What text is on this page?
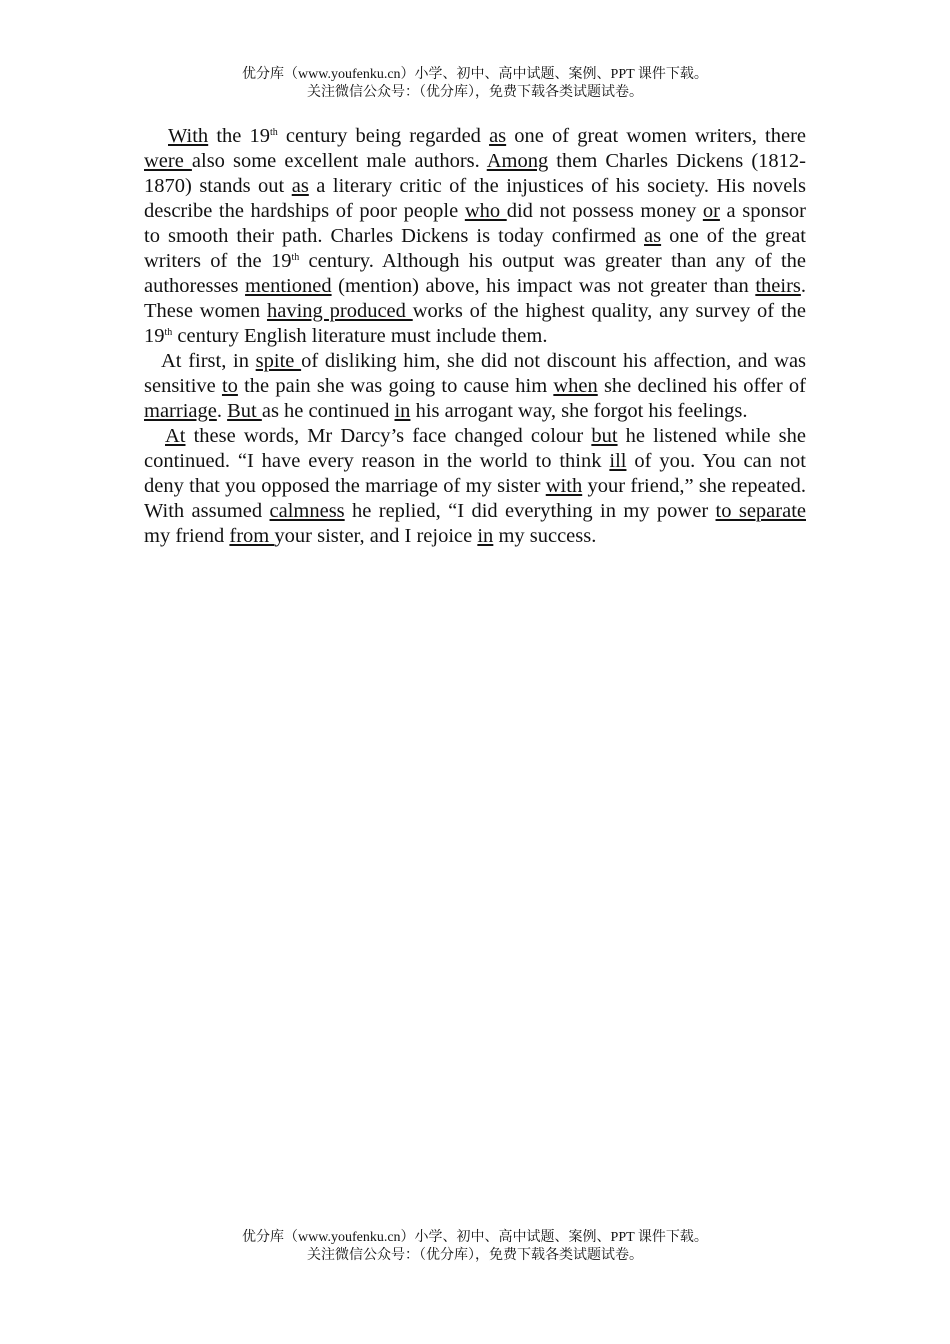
优分库（www.youfenku.cn）小学、初中、高中试题、案例、PPT 课件下载。
关注微信公众号：（优分库），免费下载各类试题试卷。

With the 19th century being regarded as one of great women writers, there were also some excellent male authors. Among them Charles Dickens (1812-1870) stands out as a literary critic of the injustices of his society. His novels describe the hardships of poor people who did not possess money or a sponsor to smooth their path. Charles Dickens is today confirmed as one of the great writers of the 19th century. Although his output was greater than any of the authoresses mentioned (mention) above, his impact was not greater than theirs. These women having produced works of the highest quality, any survey of the 19th century English literature must include them.

At first, in spite of disliking him, she did not discount his affection, and was sensitive to the pain she was going to cause him when she declined his offer of marriage. But as he continued in his arrogant way, she forgot his feelings.

At these words, Mr Darcy’s face changed colour but he listened while she continued. “I have every reason in the world to think ill of you. You can not deny that you opposed the marriage of my sister with your friend,” she repeated. With assumed calmness he replied, “I did everything in my power to separate my friend from your sister, and I rejoice in my success.

优分库（www.youfenku.cn）小学、初中、高中试题、案例、PPT 课件下载。
关注微信公众号：（优分库），免费下载各类试题试卷。
